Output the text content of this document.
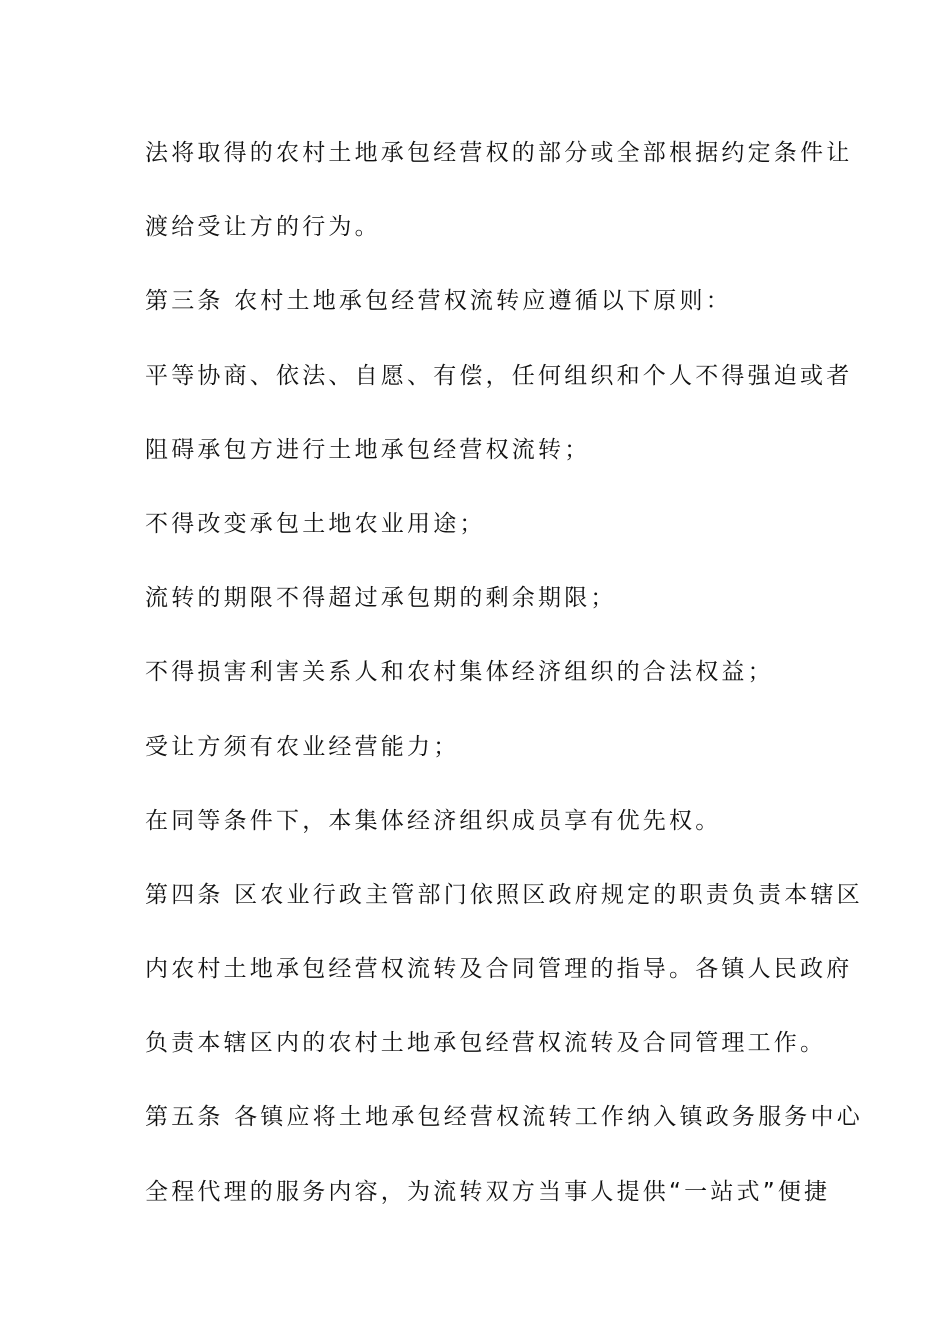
法将取得的农村土地承包经营权的部分或全部根据约定条件让
渡给受让方的行为。
第三条 农村土地承包经营权流转应遵循以下原则：
平等协商、依法、自愿、有偿，任何组织和个人不得强迫或者
阻碍承包方进行土地承包经营权流转；
不得改变承包土地农业用途；
流转的期限不得超过承包期的剩余期限；
不得损害利害关系人和农村集体经济组织的合法权益；
受让方须有农业经营能力；
在同等条件下，本集体经济组织成员享有优先权。
第四条 区农业行政主管部门依照区政府规定的职责负责本辖区
内农村土地承包经营权流转及合同管理的指导。各镇人民政府
负责本辖区内的农村土地承包经营权流转及合同管理工作。
第五条 各镇应将土地承包经营权流转工作纳入镇政务服务中心
全程代理的服务内容，为流转双方当事人提供“一站式”便捷
